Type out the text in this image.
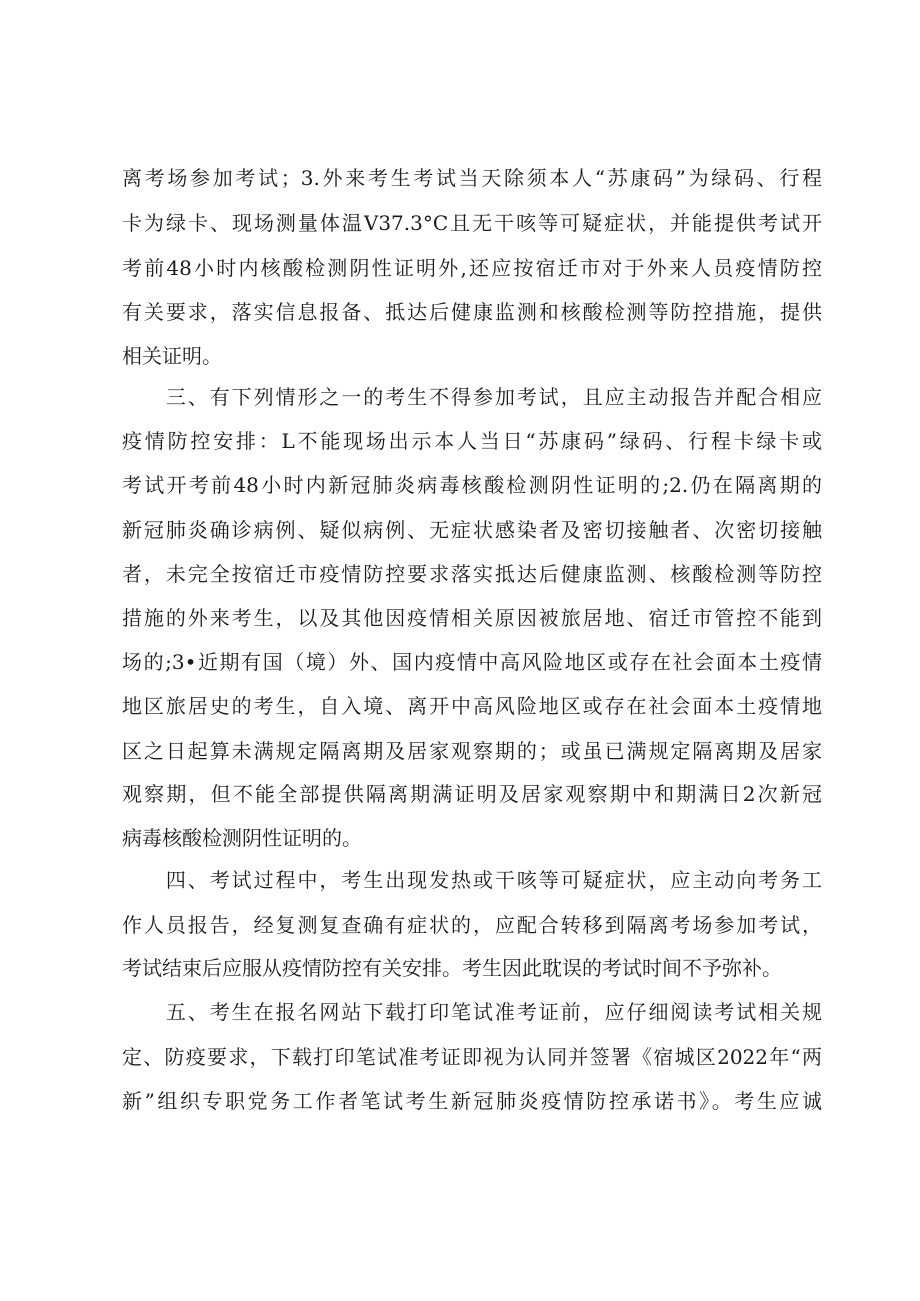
离考场参加考试；3.外来考生考试当天除须本人“苏康码”为绿码、行程
卡为绿卡、现场测量体温V37.3°C且无干咳等可疑症状，并能提供考试开
考前48小时内核酸检测阴性证明外,还应按宿迁市对于外来人员疫情防控
有关要求，落实信息报备、抵达后健康监测和核酸检测等防控措施，提供
相关证明。
　　三、有下列情形之一的考生不得参加考试，且应主动报告并配合相应
疫情防控安排：L不能现场出示本人当日“苏康码”绿码、行程卡绿卡或
考试开考前48小时内新冠肺炎病毒核酸检测阴性证明的;2.仍在隔离期的
新冠肺炎确诊病例、疑似病例、无症状感染者及密切接触者、次密切接触
者，未完全按宿迁市疫情防控要求落实抵达后健康监测、核酸检测等防控
措施的外来考生，以及其他因疫情相关原因被旅居地、宿迁市管控不能到
场的;3•近期有国（境）外、国内疫情中高风险地区或存在社会面本土疫情
地区旅居史的考生，自入境、离开中高风险地区或存在社会面本土疫情地
区之日起算未满规定隔离期及居家观察期的；或虽已满规定隔离期及居家
观察期，但不能全部提供隔离期满证明及居家观察期中和期满日2次新冠
病毒核酸检测阴性证明的。
　　四、考试过程中，考生出现发热或干咳等可疑症状，应主动向考务工
作人员报告，经复测复查确有症状的，应配合转移到隔离考场参加考试，
考试结束后应服从疫情防控有关安排。考生因此耽误的考试时间不予弥补。
　　五、考生在报名网站下载打印笔试准考证前，应仔细阅读考试相关规
定、防疫要求，下载打印笔试准考证即视为认同并签署《宿城区2022年“两
新”组织专职党务工作者笔试考生新冠肺炎疫情防控承诺书》。考生应诚
